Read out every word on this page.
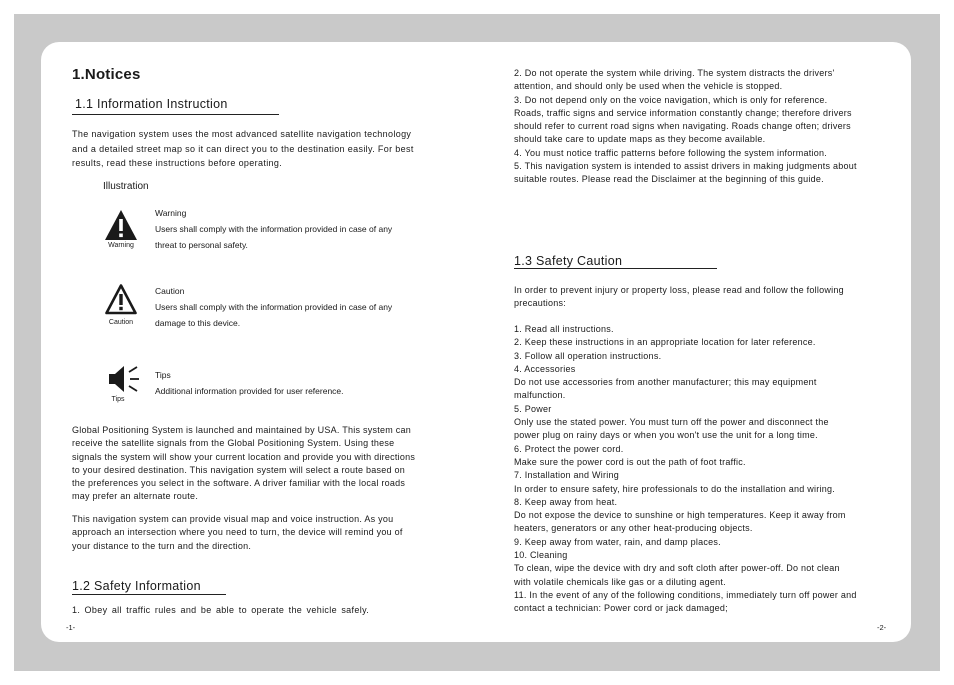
1.Notices
1.1 Information Instruction
The navigation system uses the most advanced satellite navigation technology
and a detailed street map so it can direct you to the destination easily. For best
results, read these instructions before operating.
Illustration
Warning
Warning
Users shall comply with the information provided in case of any
threat to personal safety.
Caution
Caution
Users shall comply with the information provided in case of any
damage to this device.
Tips
Tips
Additional information provided for user reference.
Global Positioning System is launched and maintained by USA. This system can
receive the satellite signals from the Global Positioning System. Using these
signals the system will show your current location and provide you with directions
to your desired destination. This navigation system will select a route based on
the preferences you select in the software. A driver familiar with the local roads
may prefer an alternate route.
This navigation system can provide visual map and voice instruction. As you
approach an intersection where you need to turn, the device will remind you of
your distance to the turn and the direction.
1.2 Safety Information
1. Obey all traffic rules and be able to operate the vehicle safely.
-1-
2. Do not operate the system while driving. The system distracts the drivers'
attention, and should only be used when the vehicle is stopped.
3. Do not depend only on the voice navigation, which is only for reference.
Roads, traffic signs and service information constantly change; therefore drivers
should refer to current road signs when navigating. Roads change often; drivers
should take care to update maps as they become available.
4. You must notice traffic patterns before following the system information.
5. This navigation system is intended to assist drivers in making judgments about
suitable routes. Please read the Disclaimer at the beginning of this guide.
1.3 Safety Caution
In order to prevent injury or property loss, please read and follow the following
precautions:
1. Read all instructions.
2. Keep these instructions in an appropriate location for later reference.
3. Follow all operation instructions.
4. Accessories
Do not use accessories from another manufacturer; this may equipment
malfunction.
5. Power
Only use the stated power. You must turn off the power and disconnect the
power plug on rainy days or when you won't use the unit for a long time.
6. Protect the power cord.
Make sure the power cord is out the path of foot traffic.
7. Installation and Wiring
In order to ensure safety, hire professionals to do the installation and wiring.
8. Keep away from heat.
Do not expose the device to sunshine or high temperatures. Keep it away from
heaters, generators or any other heat-producing objects.
9. Keep away from water, rain, and damp places.
10. Cleaning
To clean, wipe the device with dry and soft cloth after power-off. Do not clean
with volatile chemicals like gas or a diluting agent.
11. In the event of any of the following conditions, immediately turn off power and
contact a technician: Power cord or jack damaged;
-2-
